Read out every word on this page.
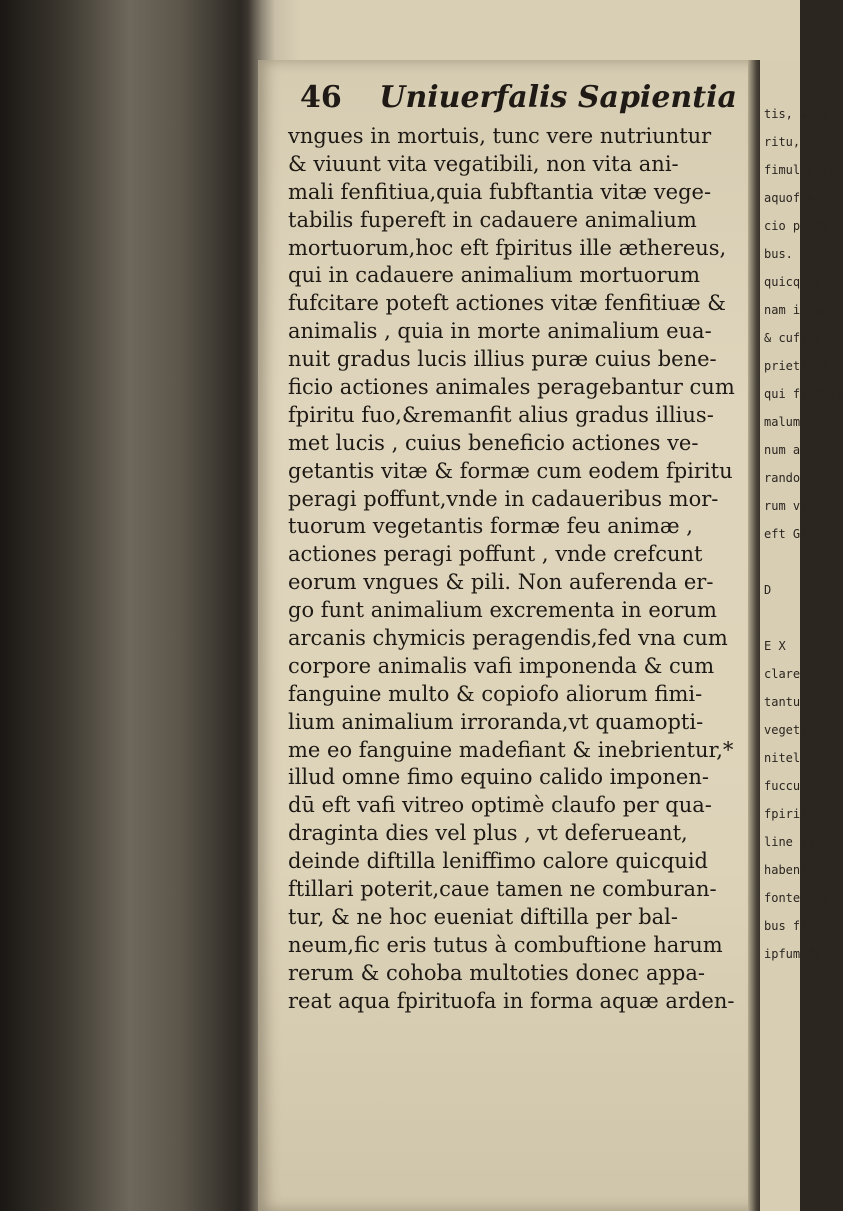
tis, & Sa
ritu, qu
fimul circ
aquofum
cio perfe
bus. Hæ
quicquid
nam in an
& cuftodi
prietates,
qui fi fixe
malum
num ad
rando,
rum vti
eft Gra
D
E X
clare
tantum
vegetant
nitelus
fuccus
fpiritu il
line illo
habent
fonte ill
bus faci
ipfum fe
46 Uniuerfalis Sapientia
vngues in mortuis, tunc vere nutriuntur
& viuunt vita vegatibili, non vita ani-
mali fenfitiua,quia fubftantia vitæ vege-
tabilis fupereft in cadauere animalium
mortuorum,hoc eft fpiritus ille æthereus,
qui in cadauere animalium mortuorum
fufcitare poteft actiones vitæ fenfitiuæ &
animalis , quia in morte animalium eua-
nuit gradus lucis illius puræ cuius bene-
ficio actiones animales peragebantur cum
fpiritu fuo,&remanfit alius gradus illius-
met lucis , cuius beneficio actiones ve-
getantis vitæ & formæ cum eodem fpiritu
peragi poffunt,vnde in cadaueribus mor-
tuorum vegetantis formæ feu animæ ,
actiones peragi poffunt , vnde crefcunt
eorum vngues & pili. Non auferenda er-
go funt animalium excrementa in eorum
arcanis chymicis peragendis,fed vna cum
corpore animalis vafi imponenda & cum
fanguine multo & copiofo aliorum fimi-
lium animalium irroranda,vt quamopti-
me eo fanguine madefiant & inebrientur,*
illud omne fimo equino calido imponen-
dū eft vafi vitreo optimè claufo per qua-
draginta dies vel plus , vt deferueant,
deinde diftilla leniffimo calore quicquid
ftillari poterit,caue tamen ne comburan-
tur, & ne hoc eueniat diftilla per bal-
neum,fic eris tutus à combuftione harum
rerum & cohoba multoties donec appa-
reat aqua fpirituofa in forma aquæ arden-
